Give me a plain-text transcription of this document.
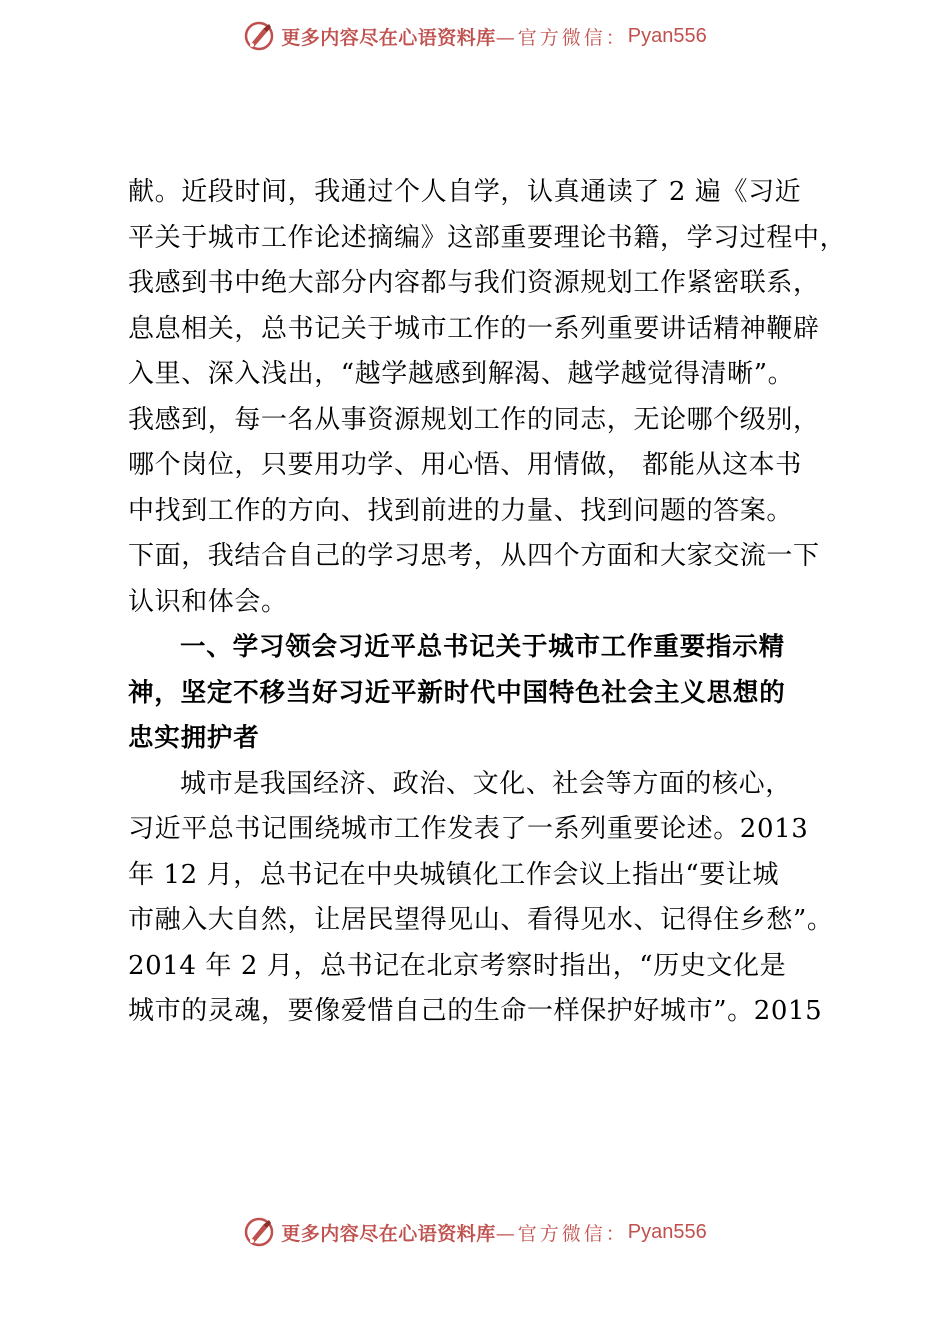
更多内容尽在心语资料库 —官方微信： Pyan556
献。近段时间，我通过个人自学，认真通读了 2 遍《习近
平关于城市工作论述摘编》这部重要理论书籍，学习过程中，
我感到书中绝大部分内容都与我们资源规划工作紧密联系，
息息相关，总书记关于城市工作的一系列重要讲话精神鞭辟
入里、深入浅出，“越学越感到解渴、越学越觉得清晰”。
我感到，每一名从事资源规划工作的同志，无论哪个级别，
哪个岗位，只要用功学、用心悟、用情做， 都能从这本书
中找到工作的方向、找到前进的力量、找到问题的答案。
下面，我结合自己的学习思考，从四个方面和大家交流一下
认识和体会。
一、学习领会习近平总书记关于城市工作重要指示精
神，坚定不移当好习近平新时代中国特色社会主义思想的
忠实拥护者
城市是我国经济、政治、文化、社会等方面的核心，
习近平总书记围绕城市工作发表了一系列重要论述。2013
年 12 月，总书记在中央城镇化工作会议上指出“要让城
市融入大自然，让居民望得见山、看得见水、记得住乡愁”。
2014 年 2 月，总书记在北京考察时指出，“历史文化是
城市的灵魂，要像爱惜自己的生命一样保护好城市”。2015
更多内容尽在心语资料库 —官方微信： Pyan556
